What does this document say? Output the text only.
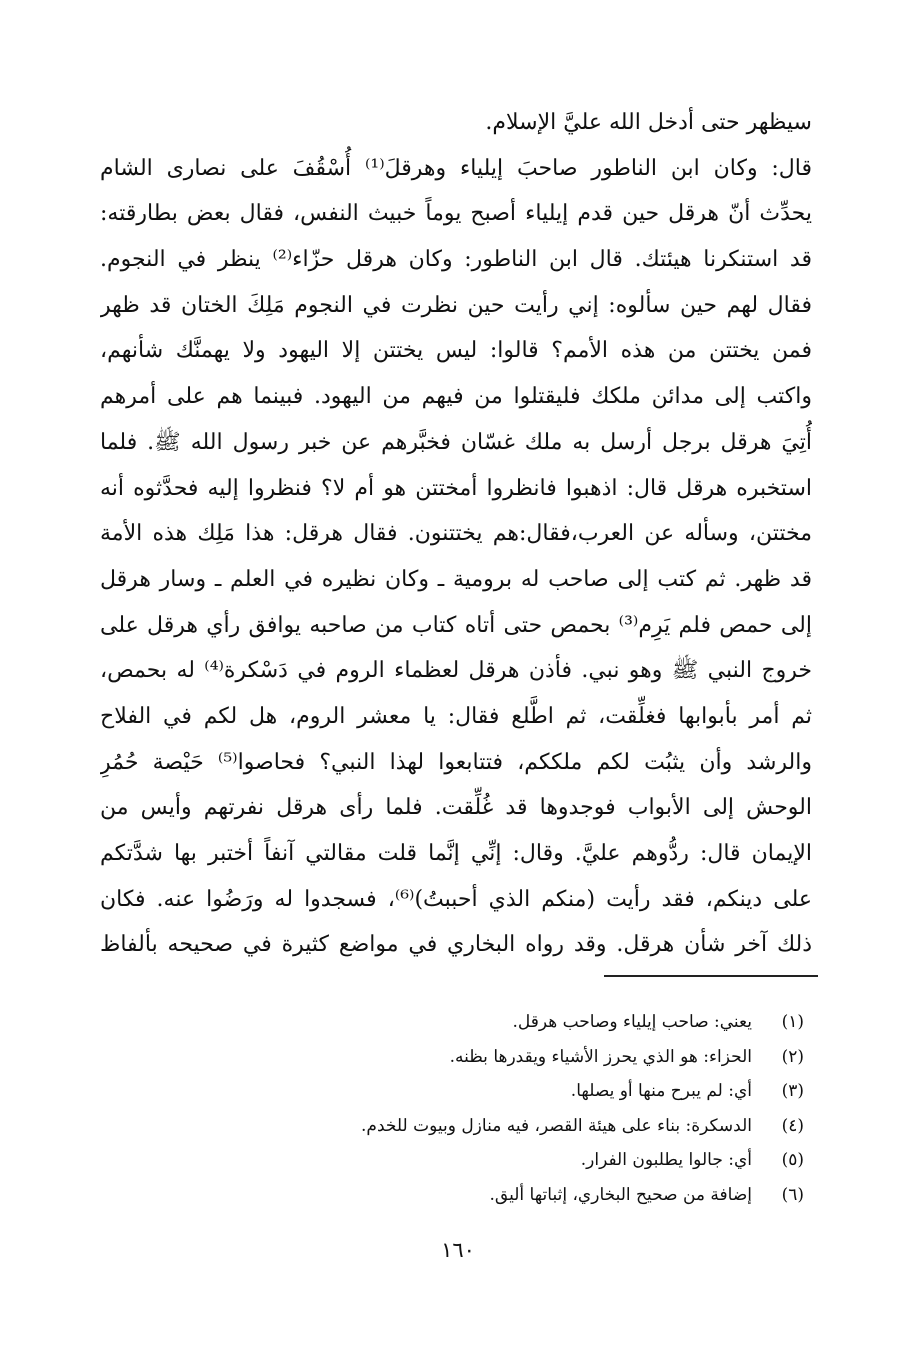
سيظهر حتى أدخل الله عليَّ الإسلام.
قال: وكان ابن الناطور صاحبَ إيلياء وهرقلَ⁽¹⁾ أُسْقُفَ على نصارى الشام
يحدِّث أنّ هرقل حين قدم إيلياء أصبح يوماً خبيث النفس، فقال بعض بطارقته:
قد استنكرنا هيئتك. قال ابن الناطور: وكان هرقل حزّاء⁽²⁾ ينظر في النجوم.
فقال لهم حين سألوه: إني رأيت حين نظرت في النجوم مَلِكَ الختان قد ظهر
فمن يختتن من هذه الأمم؟ قالوا: ليس يختتن إلا اليهود ولا يهمنَّك شأنهم،
واكتب إلى مدائن ملكك فليقتلوا من فيهم من اليهود. فبينما هم على أمرهم
أُتِيَ هرقل برجل أرسل به ملك غسّان فخبَّرهم عن خبر رسول الله ﷺ. فلما
استخبره هرقل قال: اذهبوا فانظروا أمختتن هو أم لا؟ فنظروا إليه فحدَّثوه أنه
مختتن، وسأله عن العرب،فقال:هم يختتنون. فقال هرقل: هذا مَلِك هذه الأمة
قد ظهر. ثم كتب إلى صاحب له برومية ـ وكان نظيره في العلم ـ وسار هرقل
إلى حمص فلم يَرِم⁽³⁾ بحمص حتى أتاه كتاب من صاحبه يوافق رأي هرقل على
خروج النبي ﷺ وهو نبي. فأذن هرقل لعظماء الروم في دَسْكرة⁽⁴⁾ له بحمص،
ثم أمر بأبوابها فغلِّقت، ثم اطَّلع فقال: يا معشر الروم، هل لكم في الفلاح
والرشد وأن يثبُت لكم ملككم، فتتابعوا لهذا النبي؟ فحاصوا⁽⁵⁾ حَيْصة حُمُرِ
الوحش إلى الأبواب فوجدوها قد غُلِّقت. فلما رأى هرقل نفرتهم وأيس من
الإيمان قال: ردُّوهم عليَّ. وقال: إنِّي إنَّما قلت مقالتي آنفاً أختبر بها شدَّتكم
على دينكم، فقد رأيت (منكم الذي أحببتُ)⁽⁶⁾، فسجدوا له ورَضُوا عنه. فكان
ذلك آخر شأن هرقل. وقد رواه البخاري في مواضع كثيرة في صحيحه بألفاظ
(١)
يعني: صاحب إيلياء وصاحب هرقل.
(٢)
الحزاء: هو الذي يحرز الأشياء ويقدرها بظنه.
(٣)
أي: لم يبرح منها أو يصلها.
(٤)
الدسكرة: بناء على هيئة القصر، فيه منازل وبيوت للخدم.
(٥)
أي: جالوا يطلبون الفرار.
(٦)
إضافة من صحيح البخاري، إثباتها أليق.
١٦٠
